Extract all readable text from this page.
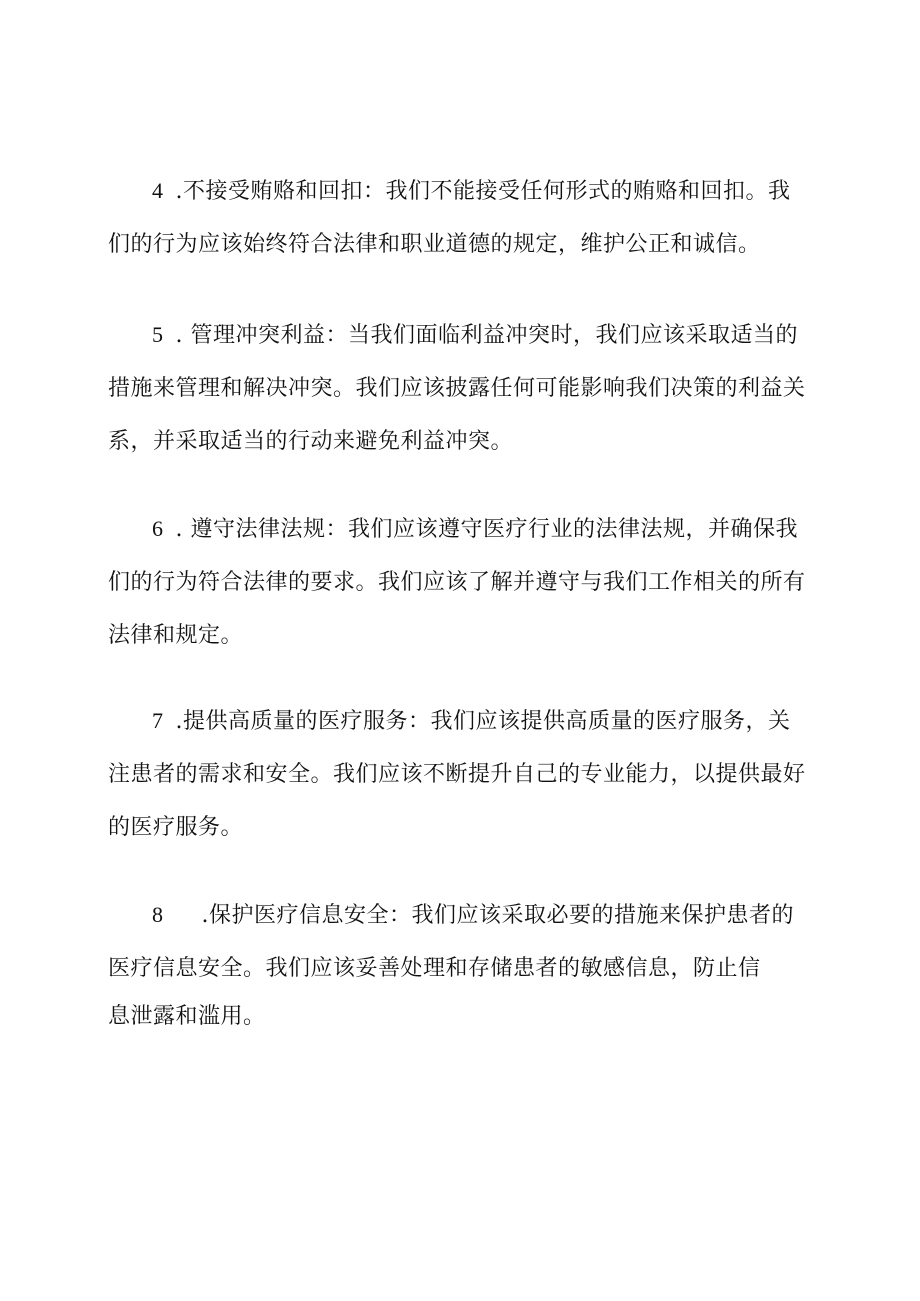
4 .不接受贿赂和回扣：我们不能接受任何形式的贿赂和回扣。我
们的行为应该始终符合法律和职业道德的规定，维护公正和诚信。
5 . 管理冲突利益：当我们面临利益冲突时，我们应该采取适当的
措施来管理和解决冲突。我们应该披露任何可能影响我们决策的利益关
系，并采取适当的行动来避免利益冲突。
6 . 遵守法律法规：我们应该遵守医疗行业的法律法规，并确保我
们的行为符合法律的要求。我们应该了解并遵守与我们工作相关的所有
法律和规定。
7 .提供高质量的医疗服务：我们应该提供高质量的医疗服务，关
注患者的需求和安全。我们应该不断提升自己的专业能力，以提供最好
的医疗服务。
8 .保护医疗信息安全：我们应该采取必要的措施来保护患者的
医疗信息安全。我们应该妥善处理和存储患者的敏感信息，防止信
息泄露和滥用。
